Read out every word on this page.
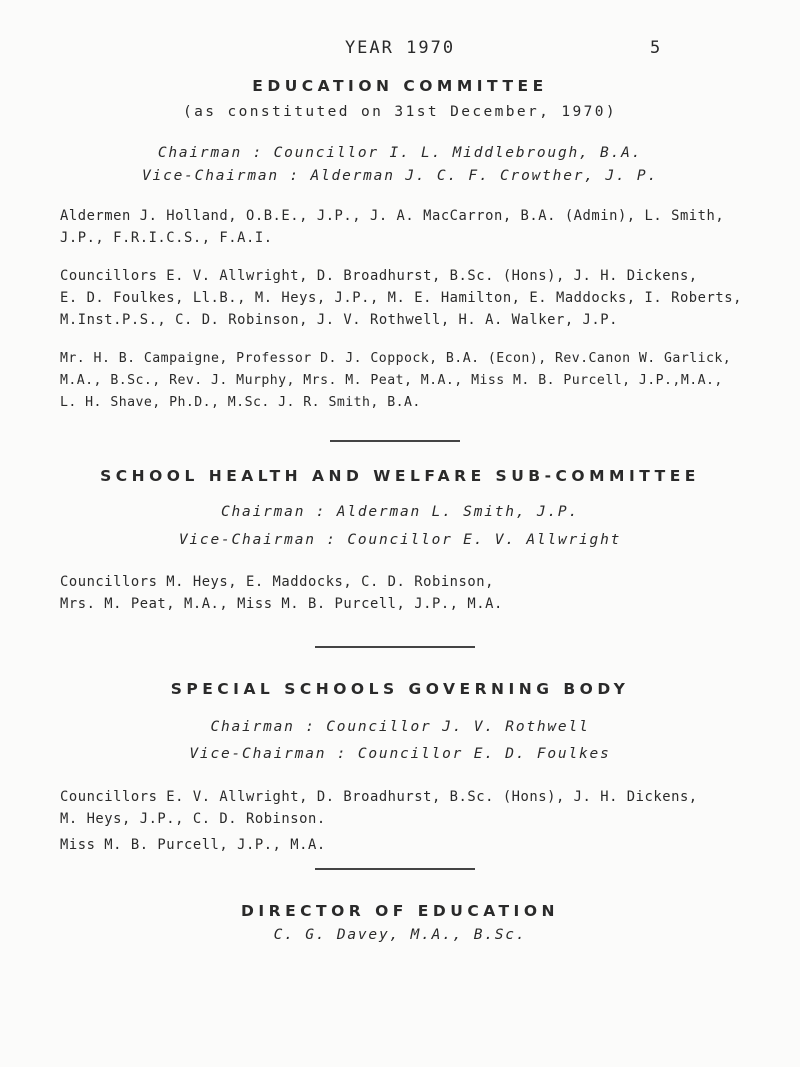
YEAR 1970	5
EDUCATION COMMITTEE
(as constituted on 31st December, 1970)
Chairman : Councillor I. L. Middlebrough, B.A.
Vice-Chairman : Alderman J. C. F. Crowther, J. P.
Aldermen J. Holland, O.B.E., J.P., J. A. MacCarron, B.A. (Admin), L. Smith,
J.P., F.R.I.C.S., F.A.I.
Councillors E. V. Allwright, D. Broadhurst, B.Sc. (Hons), J. H. Dickens,
E. D. Foulkes, Ll.B., M. Heys, J.P., M. E. Hamilton, E. Maddocks, I. Roberts,
M.Inst.P.S., C. D. Robinson, J. V. Rothwell, H. A. Walker, J.P.
Mr. H. B. Campaigne, Professor D. J. Coppock, B.A. (Econ), Rev.Canon W. Garlick,
M.A., B.Sc., Rev. J. Murphy, Mrs. M. Peat, M.A., Miss M. B. Purcell, J.P.,M.A.,
L. H. Shave, Ph.D., M.Sc. J. R. Smith, B.A.
SCHOOL HEALTH AND WELFARE SUB-COMMITTEE
Chairman : Alderman L. Smith, J.P.
Vice-Chairman : Councillor E. V. Allwright
Councillors M. Heys, E. Maddocks, C. D. Robinson,
Mrs. M. Peat, M.A., Miss M. B. Purcell, J.P., M.A.
SPECIAL SCHOOLS GOVERNING BODY
Chairman : Councillor J. V. Rothwell
Vice-Chairman : Councillor E. D. Foulkes
Councillors E. V. Allwright, D. Broadhurst, B.Sc. (Hons), J. H. Dickens,
M. Heys, J.P., C. D. Robinson.
Miss M. B. Purcell, J.P., M.A.
DIRECTOR OF EDUCATION
C. G. Davey, M.A., B.Sc.
